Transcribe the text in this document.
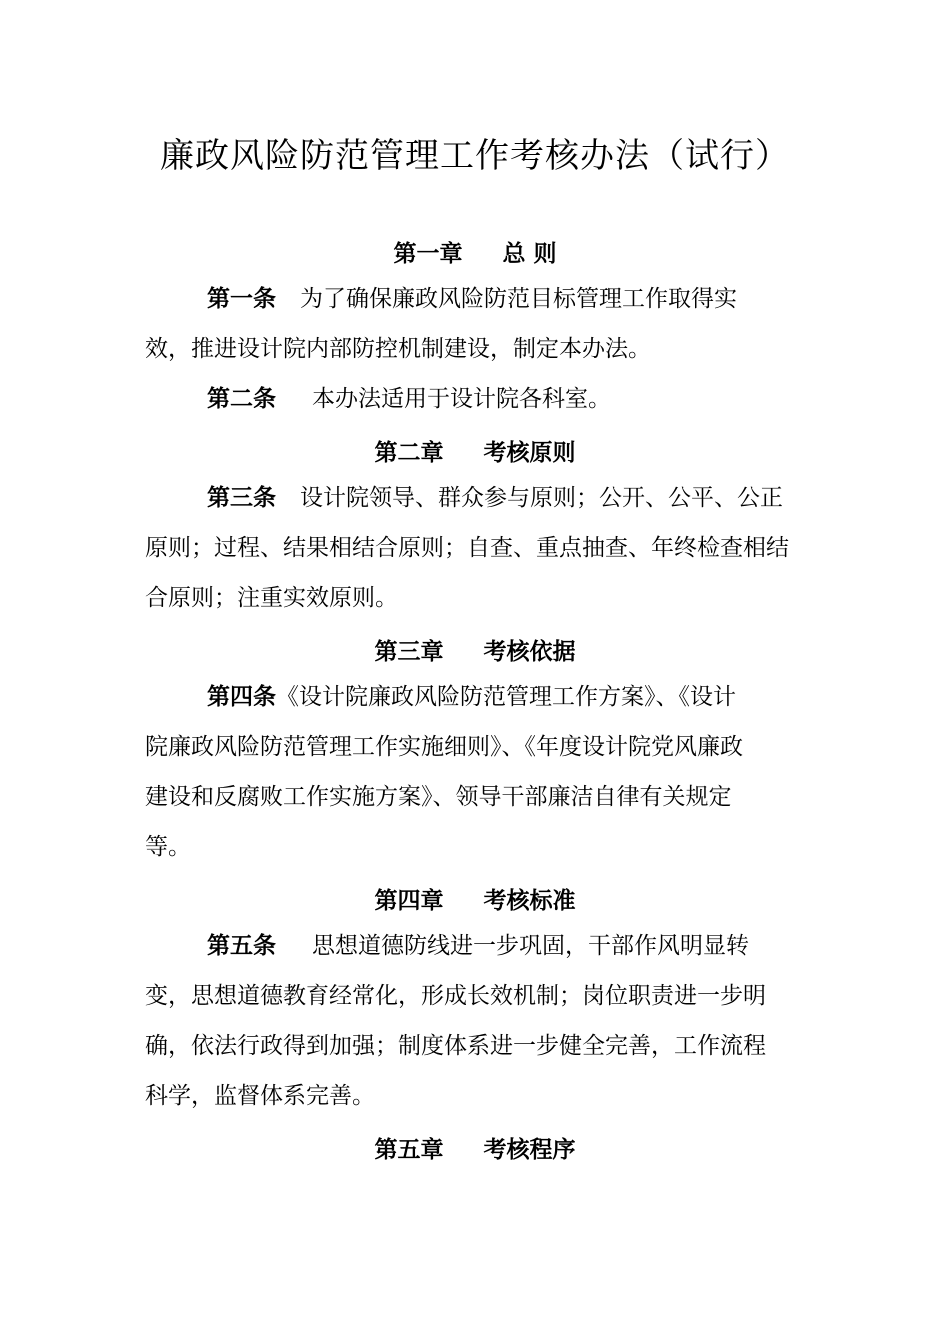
廉政风险防范管理工作考核办法（试行）
第一章 总 则
第一条 为了确保廉政风险防范目标管理工作取得实
效，推进设计院内部防控机制建设，制定本办法。
第二条 本办法适用于设计院各科室。
第二章 考核原则
第三条 设计院领导、群众参与原则；公开、公平、公正
原则；过程、结果相结合原则；自查、重点抽查、年终检查相结
合原则；注重实效原则。
第三章 考核依据
第四条《设计院廉政风险防范管理工作方案》、《设计
院廉政风险防范管理工作实施细则》、《年度设计院党风廉政
建设和反腐败工作实施方案》、领导干部廉洁自律有关规定
等。
第四章 考核标准
第五条 思想道德防线进一步巩固，干部作风明显转
变，思想道德教育经常化，形成长效机制；岗位职责进一步明
确，依法行政得到加强；制度体系进一步健全完善，工作流程
科学，监督体系完善。
第五章 考核程序
